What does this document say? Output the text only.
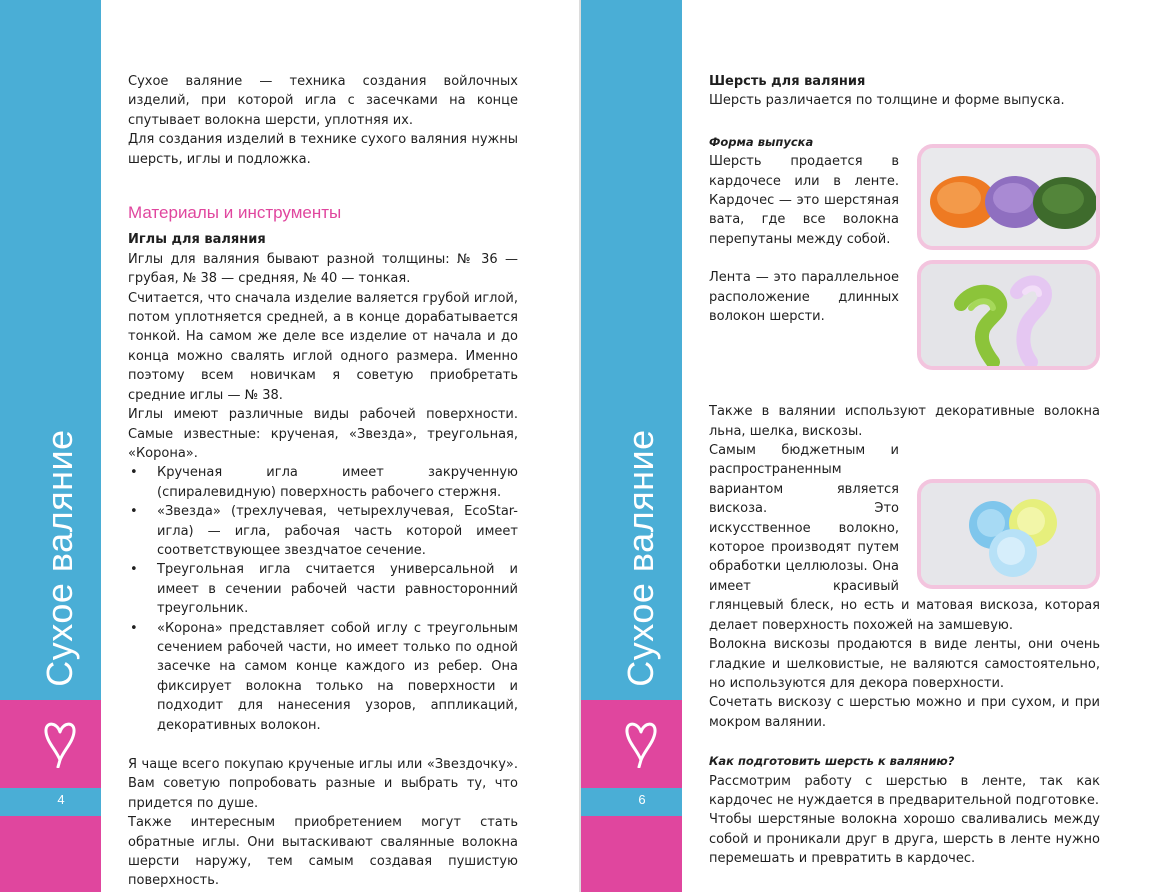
Сухое валяние
4

Сухое валяние — техника создания войлочных изделий, при которой игла с засечками на конце спутывает волокна шерсти, уплотняя их.

Для создания изделий в технике сухого валяния нужны шерсть, иглы и подложка.

Материалы и инструменты

Иглы для валяния

Иглы для валяния бывают разной толщины: № 36 — грубая, № 38 — средняя, № 40 — тонкая.

Считается, что сначала изделие валяется грубой иглой, потом уплотняется средней, а в конце дорабатывается тонкой. На самом же деле все изделие от начала и до конца можно свалять иглой одного размера. Именно поэтому всем новичкам я советую приобретать средние иглы — № 38.

Иглы имеют различные виды рабочей поверхности. Самые известные: крученая, «Звезда», треугольная, «Корона».

• Крученая игла имеет закрученную (спиралевидную) поверхность рабочего стержня.
• «Звезда» (трехлучевая, четырехлучевая, EcoStar-игла) — игла, рабочая часть которой имеет соответствующее звездчатое сечение.
• Треугольная игла считается универсальной и имеет в сечении рабочей части равносторонний треугольник.
• «Корона» представляет собой иглу с треугольным сечением рабочей части, но имеет только по одной засечке на самом конце каждого из ребер. Она фиксирует волокна только на поверхности и подходит для нанесения узоров, аппликаций, декоративных волокон.

Я чаще всего покупаю крученые иглы или «Звездочку». Вам советую попробовать разные и выбрать ту, что придется по душе.

Также интересным приобретением могут стать обратные иглы. Они вытаскивают свалянные волокна шерсти наружу, тем самым создавая пушистую поверхность.

Сухое валяние
6

Шерсть для валяния

Шерсть различается по толщине и форме выпуска.

Форма выпуска

Шерсть продается в кардочесе или в ленте. Кардочес — это шерстяная вата, где все волокна перепутаны между собой.

Лента — это параллельное расположение длинных волокон шерсти.

Также в валянии используют декоративные волокна льна, шелка, вискозы.

Самым бюджетным и распространенным вариантом является вискоза. Это искусственное волокно, которое производят путем обработки целлюлозы. Она имеет красивый глянцевый блеск, но есть и матовая вискоза, которая делает поверхность похожей на замшевую.

Волокна вискозы продаются в виде ленты, они очень гладкие и шелковистые, не валяются самостоятельно, но используются для декора поверхности.

Сочетать вискозу с шерстью можно и при сухом, и при мокром валянии.

Как подготовить шерсть к валянию?

Рассмотрим работу с шерстью в ленте, так как кардочес не нуждается в предварительной подготовке.

Чтобы шерстяные волокна хорошо сваливались между собой и проникали друг в друга, шерсть в ленте нужно перемешать и превратить в кардочес.
